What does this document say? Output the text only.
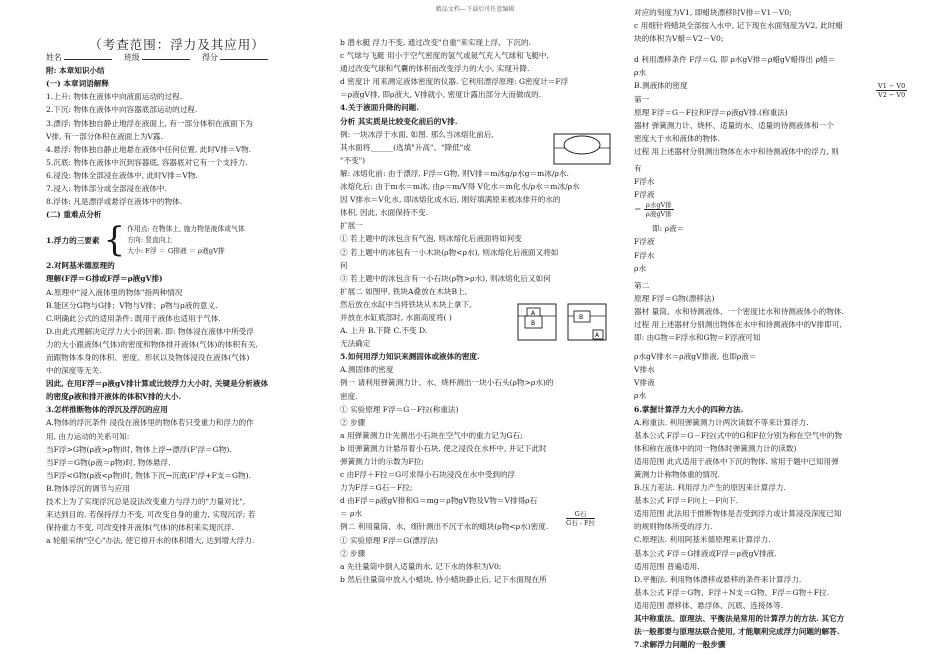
精品文档---下载后可任意编辑

（考查范围：浮力及其应用）

姓名	班级	得分

附: 本章知识小结

(一) 本章词语解释

1.上升: 物体在液体中向液面运动的过程.

2.下沉: 物体在液体中向容器底部运动的过程.

3.漂浮: 物体独自静止地浮在液面上, 有一部分体积在液面下为

V排, 有一部分体积在液面上为V露.

4.悬浮: 物体独自静止地悬在液体中任何位置, 此时V排＝V物.

5.沉底: 物体在液体中沉到容器底, 容器底对它有一个支持力.

6.浸没: 物体全部浸在液体中, 此时V排＝V物.

7.浸入: 物体部分或全部浸在液体中.

8.浮体: 凡是漂浮或悬浮在液体中的物体.

(二) 重难点分析

1.浮力的三要素 { 作用点: 在物体上, 施力物是液体或气体
方向: 竖直向上
大小: F浮 ＝ G排液 ＝ ρ液gV排

2.对阿基米德原理的

理解(F浮＝G排或F浮＝ρ液gV排)

A.原理中"浸入液体里的物体"指两种情况

B.能区分G物与G排；V物与V排；ρ物与ρ液的意义.

C.明确此公式的适用条件: 既用于液体也适用于气体.

D.由此式理解决定浮力大小的因素. 即: 物体浸在液体中所受浮

力的大小跟液体(气体)的密度和物体排开液体(气体)的体积有关,

而跟物体本身的体积、密度、形状以及物体浸没在液体(气体)

中的深度等无关.

因此, 在用F浮＝ρ液gV排计算或比较浮力大小时, 关键是分析液体

的密度ρ液和排开液体的体积V排的大小.

3.怎样推断物体的浮沉及浮沉的应用

A.物体的浮沉条件 浸没在液体里的物体若只受重力和浮力的作

用, 由力运动的关系可知:

当F浮>G物(ρ液>ρ物)时, 物体上浮→漂浮(F'浮＝G物).

当F浮＝G物(ρ液＝ρ物)时, 物体悬浮.

当F浮<G物(ρ液<ρ物)时, 物体下沉→沉底(F'浮+F支＝G物).

B.物体浮沉的调节与应用

技术上为了实现浮沉总是设法改变重力与浮力的"力量对比",

来达到目的. 若保持浮力不变, 可改变自身的重力, 实现沉浮; 若

保持重力不变, 可改变排开液体(气体)的体积来实现沉浮.

a 轮船采纳"空心"办法, 使它排开水的体积增大, 达到增大浮力.

b 潜水艇 浮力不变, 通过改变"自重"来实现上浮、下沉的.

c 气球与飞艇 用小于空气密度的氢气或氦气充入气球和飞艇中,

通过改变气球和气囊的体积而改变浮力的大小, 实现升降.

d 密度计 用来测定液体密度的仪器. 它利用漂浮原理: G密度计＝F浮

＝ρ液gV排, 即ρ液大, V排就小, 密度计露出部分大而做成的.

4.关于液面升降的问题.

分析 其实质是比较变化前后的V排.

例: 一块冰浮于水面, 如图. 那么当冰熔化前后,

其水面将______(选填"升高"、"降低"或

"不变")

解: 冰熔化前: 由于漂浮, F浮＝G物, 则V排＝m冰g/ρ水g＝m冰/ρ水.

冰熔化后: 由于m水＝m冰, 由ρ＝m/V得 V化水＝m化水/ρ水＝m冰/ρ水

因 V排水＝V化水, 即冰熔化成水后, 刚好填满原来被冰排开的水的

体积, 因此, 水面保持不变.

扩展一

① 若上题中的冰包含有气泡, 则冰熔化后液面将如何变

② 若上题中的冰包有一小木块(ρ物<ρ水), 则冰熔化后液面又将如

何

③ 若上题中的冰包含有一小石块(ρ物>ρ水), 则冰熔化后又如何

扩展二 如图甲, 铁块A叠放在木块B上,

然后放在水缸中当将铁块从木块上拿下,

并放在水缸底部时, 水面高度将( )

A. 上升 B.下降 C.不变 D.

无法确定

5.如何用浮力知识来测固体或液体的密度.

A.测固体的密度

例一 请利用弹簧测力计、水、烧杯测出一块小石头(ρ物>ρ水)的

密度.

① 实验原理 F浮＝G－F拉(称重法)

② 步骤

a 用弹簧测力计先测出小石块在空气中的重力记为G石;

b 用弹簧测力计悬吊着小石块, 使之浸没在水杯中, 并记下此时

弹簧测力计的示数为F拉;

c 由F浮＋F拉＝G可求得小石块浸没在水中受到的浮

力为F浮＝G石－F拉;

d 由F浮＝ρ液gV排和G＝mg＝ρ物gV物及V物＝V排得ρ石

＝ ρ水

例二 利用量筒、水、细针测出不沉于水的蜡块(ρ物<ρ水)密度.

① 实验原理 F浮＝G(漂浮法)

② 步骤

a 先往量筒中倒入适量的水, 记下水的体积为V0;

b 然后往量筒中放入小蜡块, 待小蜡块静止后, 记下水面现在所

G石
G石 - F拉
A
B
B
A

对应的刻度为V1, 即蜡块漂移时V排＝V1－V0;

c 用细针将蜡块全部按入水中, 记下现在水面刻度为V2, 此时蜡

块的体积为V蜡＝V2－V0;

d 利用漂移条件 F浮＝G, 即 ρ水gV排＝ρ蜡gV蜡得出 ρ蜡＝

ρ水

B.测液体的密度

第一

原理 F浮＝G－F拉和F浮＝ρ液gV排.(称重法)

器材 弹簧测力计、烧杯、适量的水、适量的待测液体和一个

密度大于水和液体的物体.

过程 用上述器材分别测出物体在水中和待测液体中的浮力, 则

有

F浮水
F浮液
＝ $\frac{\text{ρ水gV排}}{\text{ρ液gV排}}$

即: ρ液＝

F浮液
F浮水
ρ水

第二

原理 F浮＝G物(漂移法)

器材 量筒、水和待测液体、一个密度比水和待测液体小的物体.

过程 用上述器材分别测出物体在水中和待测液体中的V排即可,

即: 由G物＝F浮水和G物＝F浮液可知

ρ水gV排水＝ρ液gV排液, 也即ρ液＝

V排水
V排液
ρ水

6.掌握计算浮力大小的四种方法.

A.称重法. 利用弹簧测力计两次读数不等来计算浮力.

基本公式 F浮＝G－F拉(式中的G和F拉分别为称在空气中的物

体和称在液体中的同一物体时弹簧测力计的读数)

适用范围 此式适用于液体中下沉的物体. 常用于题中已知用弹

簧测力计称物体重的情况.

B.压力差法. 利用浮力产生的原因来计算浮力.

基本公式 F浮＝F向上－F向下.

适用范围 此法用于推断物体是否受到浮力或计算浸没深度已知

的规则物体所受的浮力.

C.原理法. 利用阿基米德原理来计算浮力.

基本公式 F浮＝G排液或F浮＝ρ液gV排液.

适用范围 普遍适用.

D.平衡法. 利用物体漂移或悬移的条件来计算浮力.

基本公式 F浮＝G物、F浮＋N支＝G物、F浮＝G物＋F拉.

适用范围 漂移体、悬浮体、沉底、连接体等.

其中称重法、原理法、平衡法是常用的计算浮力的方法. 其它方

法一般都要与原理法联合使用, 才能顺利完成浮力问题的解答.

7.求解浮力问题的一般步骤

$\frac{V1 - V0}{V2 - V0}$
